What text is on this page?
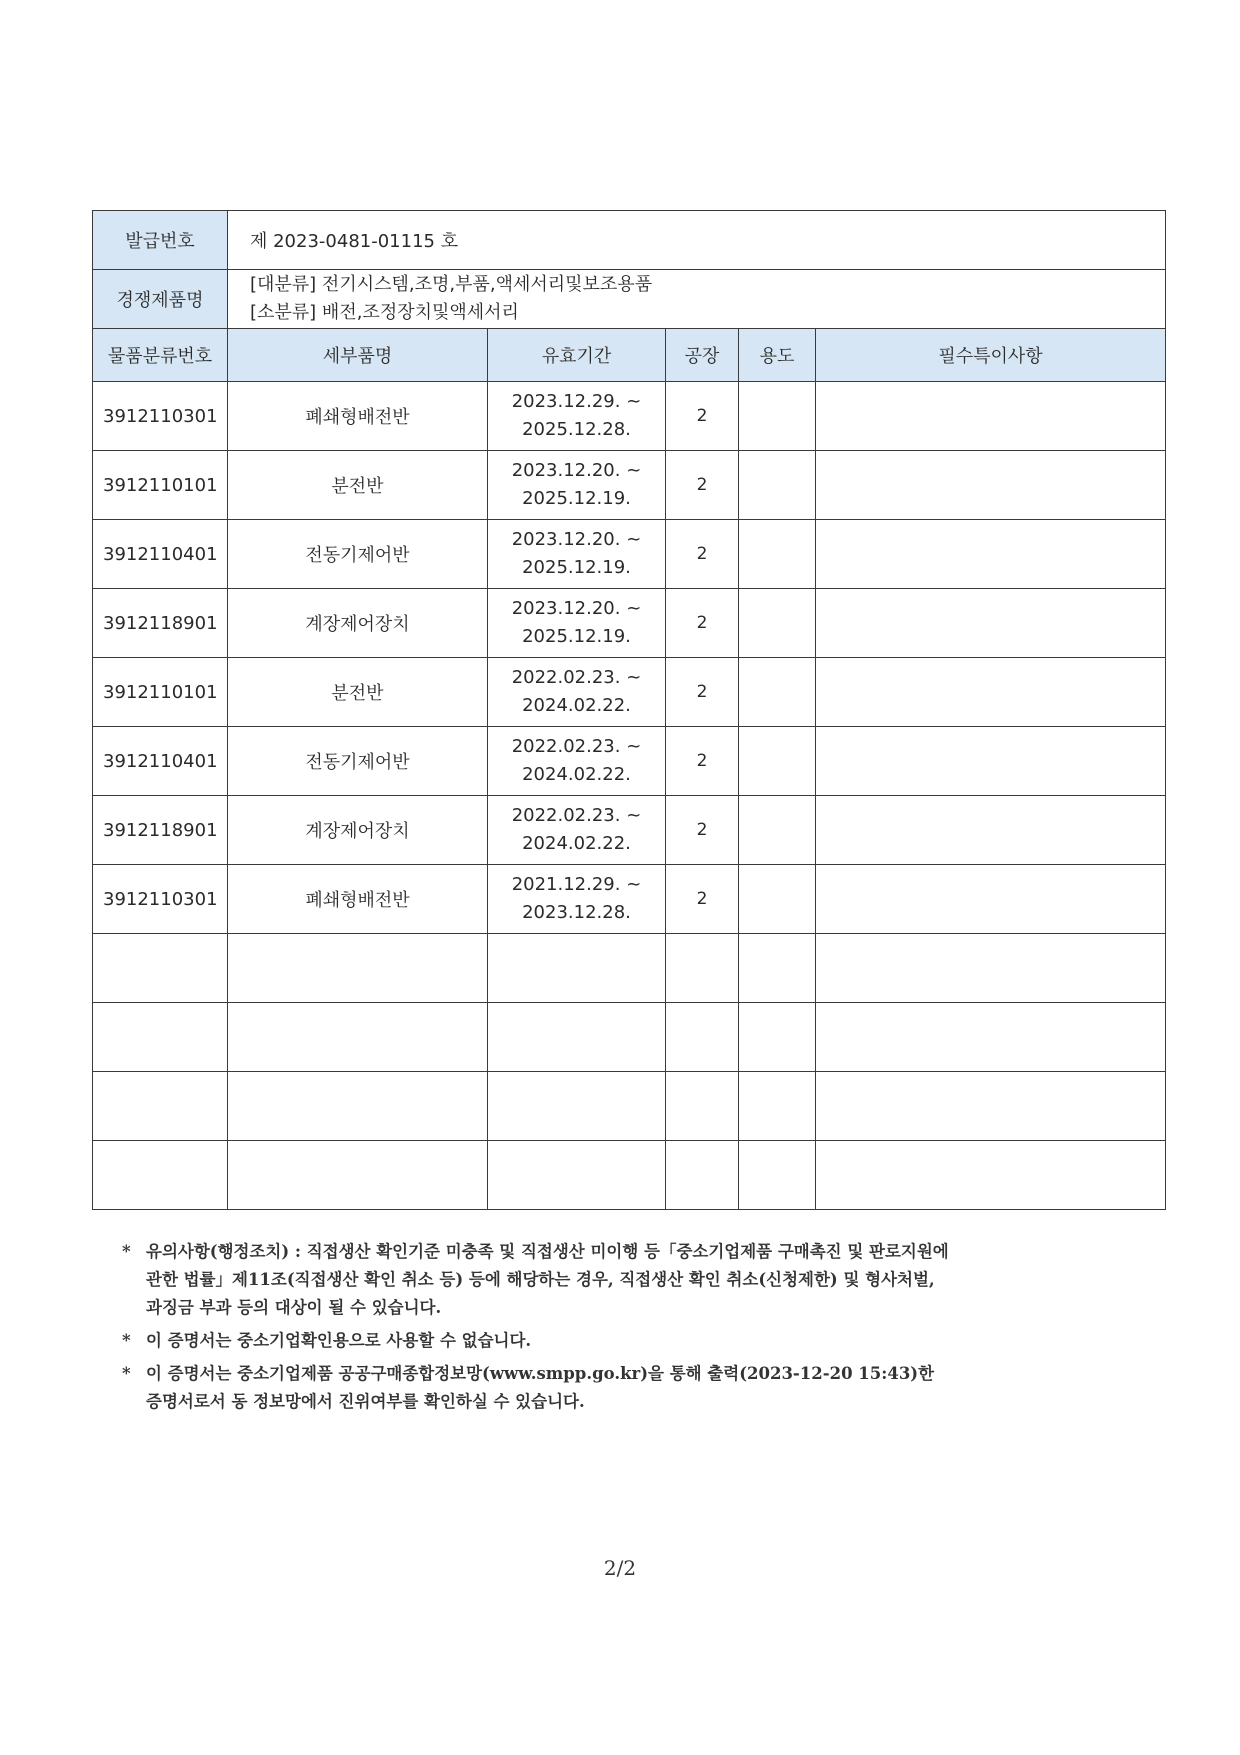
발급번호	제 2023-0481-01115 호				
경쟁제품명	[대분류] 전기시스템,조명,부품,액세서리및보조용품
[소분류] 배전,조정장치및액세서리				

물품분류번호	세부품명	유효기간	공장	용도	필수특이사항
3912110301	폐쇄형배전반	2023.12.29. ~
2025.12.28.	2		
3912110101	분전반	2023.12.20. ~
2025.12.19.	2		
3912110401	전동기제어반	2023.12.20. ~
2025.12.19.	2		
3912118901	계장제어장치	2023.12.20. ~
2025.12.19.	2		
3912110101	분전반	2022.02.23. ~
2024.02.22.	2		
3912110401	전동기제어반	2022.02.23. ~
2024.02.22.	2		
3912118901	계장제어장치	2022.02.23. ~
2024.02.22.	2		
3912110301	폐쇄형배전반	2021.12.29. ~
2023.12.28.	2		

* 유의사항(행정조치) : 직접생산 확인기준 미충족 및 직접생산 미이행 등「중소기업제품 구매촉진 및 판로지원에
관한 법률」제11조(직접생산 확인 취소 등) 등에 해당하는 경우, 직접생산 확인 취소(신청제한) 및 형사처벌,
과징금 부과 등의 대상이 될 수 있습니다.
* 이 증명서는 중소기업확인용으로 사용할 수 없습니다.
* 이 증명서는 중소기업제품 공공구매종합정보망(www.smpp.go.kr)을 통해 출력(2023-12-20 15:43)한
증명서로서 동 정보망에서 진위여부를 확인하실 수 있습니다.
2/2
